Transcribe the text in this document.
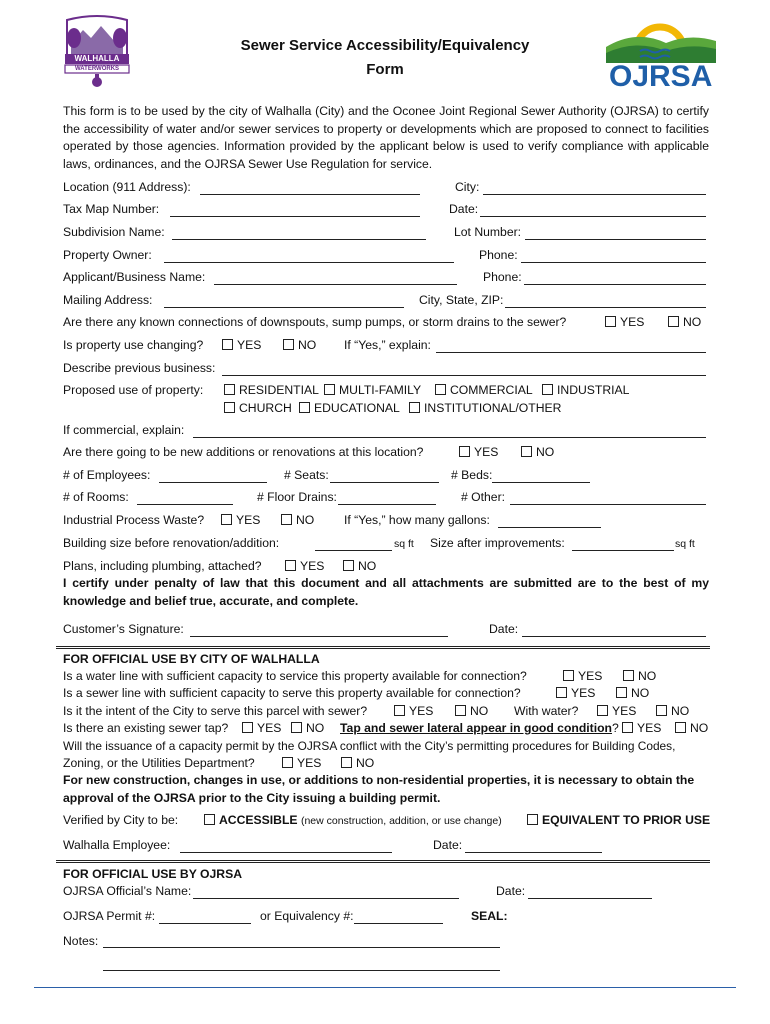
WALHALLA
WATERWORKS
Sewer Service Accessibility/Equivalency
Form	OJRSA
This form is to be used by the city of Walhalla (City) and the Oconee Joint Regional Sewer Authority (OJRSA) to certify the accessibility of water and/or sewer services to property or developments which are proposed to connect to facilities operated by those agencies. Information provided by the applicant below is used to verify compliance with applicable laws, ordinances, and the OJRSA Sewer Use Regulation for service.
Location (911 Address):	City:
Tax Map Number:	Date:
Subdivision Name:	Lot Number:
Property Owner:	Phone:
Applicant/Business Name:	Phone:
Mailing Address:	City, State, ZIP:
Are there any known connections of downspouts, sump pumps, or storm drains to the sewer?	YES	NO
Is property use changing?	YES	NO If “Yes,” explain:
Describe previous business:
Proposed use of property:	RESIDENTIAL	MULTI-FAMILY	COMMERCIAL	INDUSTRIAL
CHURCH	EDUCATIONAL	INSTITUTIONAL/OTHER
If commercial, explain:
Are there going to be new additions or renovations at this location?	YES	NO
# of Employees:	# Seats:	# Beds:
# of Rooms:	# Floor Drains:	# Other:
Industrial Process Waste?	YES	NO If “Yes,” how many gallons:
Building size before renovation/addition:	sq ft Size after improvements:	sq ft
Plans, including plumbing, attached?	YES	NO
I certify under penalty of law that this document and all attachments are submitted are to the best of my knowledge and belief true, accurate, and complete.
Customer’s Signature:	Date:
FOR OFFICIAL USE BY CITY OF WALHALLA
Is a water line with sufficient capacity to service this property available for connection?	YES	NO
Is a sewer line with sufficient capacity to serve this property available for connection?	YES	NO
Is it the intent of the City to serve this parcel with sewer?	YES	NO With water?	YES	NO
Is there an existing sewer tap?	YES	NO Tap and sewer lateral appear in good condition?	YES	NO
Will the issuance of a capacity permit by the OJRSA conflict with the City’s permitting procedures for Building Codes,
Zoning, or the Utilities Department?	YES	NO
For new construction, changes in use, or additions to non-residential properties, it is necessary to obtain the approval of the OJRSA prior to the City issuing a building permit.
Verified by City to be:	ACCESSIBLE (new construction, addition, or use change)	EQUIVALENT TO PRIOR USE
Walhalla Employee:	Date:
FOR OFFICIAL USE BY OJRSA
OJRSA Official’s Name:	Date:
OJRSA Permit #:	or Equivalency #:	SEAL:
Notes:
